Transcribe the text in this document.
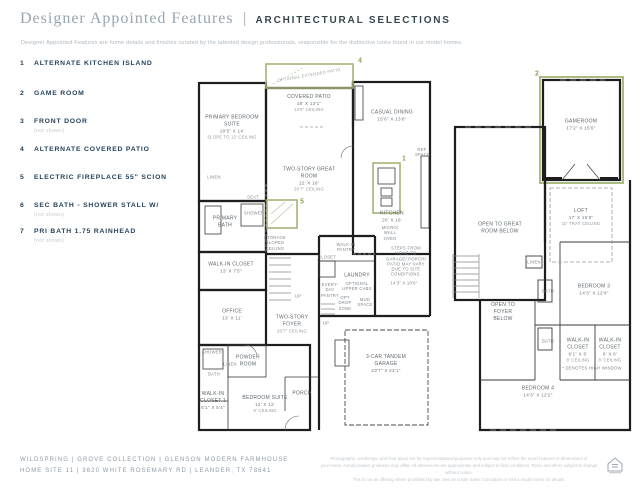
Designer Appointed Features | ARCHITECTURAL SELECTIONS
Designer Appointed Features are home details and finishes curated by the talented design professionals, responsible for the distinctive looks found in our model homes.
1 ALTERNATE KITCHEN ISLAND
2 GAME ROOM
3 FRONT DOOR
(not shown)
4 ALTERNATE COVERED PATIO
5 ELECTRIC FIREPLACE 55" SCION
6 SEC BATH - SHOWER STALL W/
(not shown)
7 PRI BATH 1.75 RAINHEAD
(not shown)
4
5
1
OPTIONAL EXTENDED PATIO
COVERED PATIO
18' X 13'1"
14'0" CEILING
PRIMARY BEDROOM SUITE
18'5" X 14'
SLOPE TO 12' CEILING
CASUAL DINING
15'6" X 13'6"
TWO-STORY GREAT ROOM
22' X 18'
20'7" CEILING
KITCHEN
20' X 16'
PRIMARY BATH
SEAT
SHOWER
LINEN
STORAGE SLOPED CEILING
WALK-IN CLOSET
13' X 7'5"
OFFICE
13' X 11'	TWO-STORY FOYER
20'7" CEILING
UP
WALK-IN PANTRY
CLOSET
LAUNDRY
EVERY-DAY PANTRY
OPTIONAL UPPER CABS
OPT DROP ZONE
MUD SPACE
UP
REF SPACE
MICRO/ WALL OVEN
STEPS FROM HOME TO GARAGE/ PORCH/ PATIO MAY VARY DUE TO SITE CONDITIONS.
14'3" X 10'8"
POWDER ROOM
SHOWER
BATH
LINEN
WALK-IN CLOSET 1
6'1" X 5'4"
BEDROOM SUITE
12' X 12'
9' CEILING
PORCH
3-CAR TANDEM GARAGE
23'7" X 23'1"
2
GAMEROOM
17'2" X 15'6"
OPEN TO GREAT ROOM BELOW
LOFT
17' X 15'6"
10' TRAY CEILING
OPEN TO FOYER BELOW
LINEN
BATH
BEDROOM 3
14'3" X 12'4"
BATH	WALK-IN CLOSET
6'1" X 6'
8' CEILING
WALK-IN CLOSET
6' X 6'
8' CEILING
* DENOTES HIGH WINDOW
BEDROOM 4
14'3" X 12'2"
WILDSPRING | GROVE COLLECTION | GLENSON MODERN FARMHOUSE
HOME SITE 11 | 3620 WHITE ROSEMARY RD | LEANDER, TX 78641
Photographs, renderings, and floor plans are for representational purposes only and may not reflect the exact features or dimensions of
your home. Actual product produced may differ. All dimensions are approximate and subject to field conditions. Plans and offers subject to change without notice.
This is not an offering where prohibited by law. See an onsite Sales Consultant or visit a model home for details.
